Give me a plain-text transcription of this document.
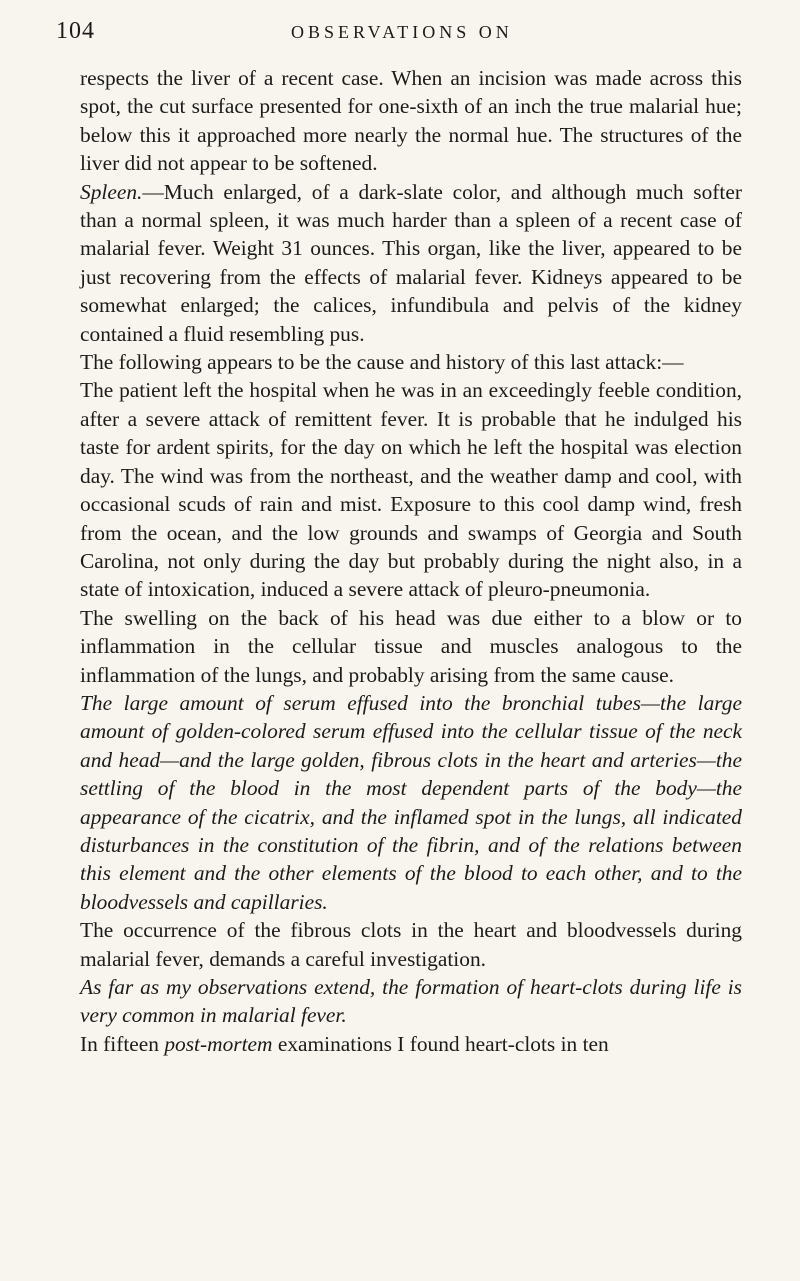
104	OBSERVATIONS ON

respects the liver of a recent case. When an incision was made across this spot, the cut surface presented for one-sixth of an inch the true malarial hue; below this it approached more nearly the normal hue. The structures of the liver did not appear to be softened.

Spleen.—Much enlarged, of a dark-slate color, and although much softer than a normal spleen, it was much harder than a spleen of a recent case of malarial fever. Weight 31 ounces. This organ, like the liver, appeared to be just recovering from the effects of malarial fever. Kidneys appeared to be somewhat enlarged; the calices, infundibula and pelvis of the kidney contained a fluid resembling pus.

The following appears to be the cause and history of this last attack:—

The patient left the hospital when he was in an exceedingly feeble condition, after a severe attack of remittent fever. It is probable that he indulged his taste for ardent spirits, for the day on which he left the hospital was election day. The wind was from the northeast, and the weather damp and cool, with occasional scuds of rain and mist. Exposure to this cool damp wind, fresh from the ocean, and the low grounds and swamps of Georgia and South Carolina, not only during the day but probably during the night also, in a state of intoxication, induced a severe attack of pleuro-pneumonia.

The swelling on the back of his head was due either to a blow or to inflammation in the cellular tissue and muscles analogous to the inflammation of the lungs, and probably arising from the same cause.

The large amount of serum effused into the bronchial tubes—the large amount of golden-colored serum effused into the cellular tissue of the neck and head—and the large golden, fibrous clots in the heart and arteries—the settling of the blood in the most dependent parts of the body—the appearance of the cicatrix, and the inflamed spot in the lungs, all indicated disturbances in the constitution of the fibrin, and of the relations between this element and the other elements of the blood to each other, and to the bloodvessels and capillaries.

The occurrence of the fibrous clots in the heart and bloodvessels during malarial fever, demands a careful investigation.

As far as my observations extend, the formation of heart-clots during life is very common in malarial fever.

In fifteen post-mortem examinations I found heart-clots in ten
